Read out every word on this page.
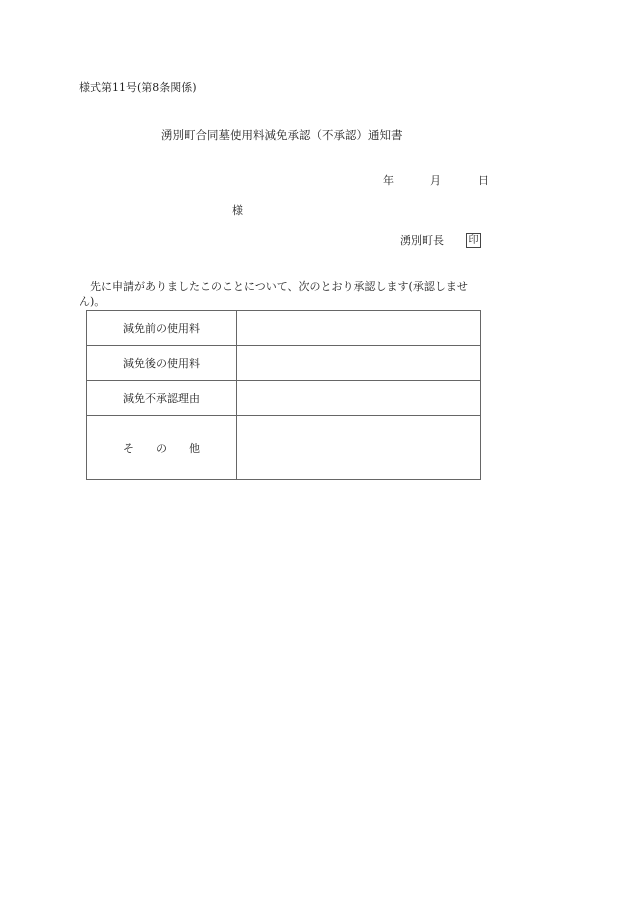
様式第11号(第8条関係)
湧別町合同墓使用料減免承認（不承認）通知書
年	月	日
様
湧別町長 印
先に申請がありましたこのことについて、次のとおり承認します(承認しません)。
減免前の使用料	
減免後の使用料	
減免不承認理由	
そ の 他	
